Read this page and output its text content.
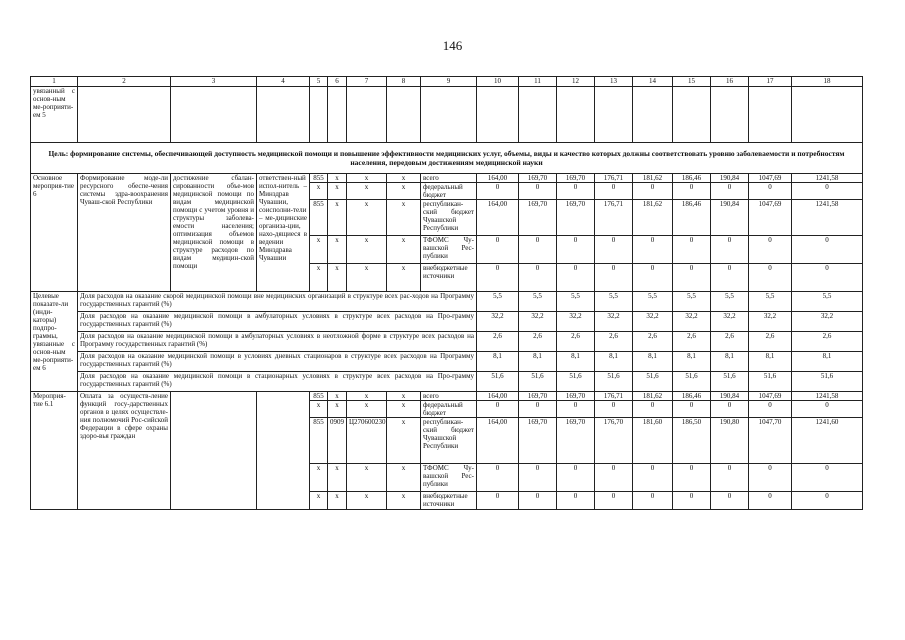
146
1	2	3	4	5	6	7	8	9	10	11	12	13	14	15	16	17	18
увязанный с основ-ным ме-роприяти-ем 5																	
Цель: формирование системы, обеспечивающей доступность медицинской помощи и повышение эффективности медицинских услуг, объемы, виды и качество которых должны соответствовать уровню заболеваемости и потребностям населения, передовым достижениям медицинской науки																	
Основное мероприя-тие 6	Формирование моде-ли ресурсного обеспе-чения системы здра-воохранения Чуваш-ской Республики	достижение сбалан-сированности объе-мов медицинской помощи по видам медицинской помощи с учетом уровня и структуры заболева-емости населения; оптимизация объемов медицинской помощи в структуре расходов по видам медицин-ской помощи	ответствен-ный испол-нитель – Минздрав Чувашии, соисполни-тели – ме-дицинские организа-ции, нахо-дящиеся в ведении Минздрава Чувашии	855	x	x	x	всего	164,00	169,70	169,70	176,71	181,62	186,46	190,84	1047,69	1241,58
				x	x	x	x	федеральный бюджет	0	0	0	0	0	0	0	0	0
				855	x	x	x	республикан-ский бюджет Чувашской Республики	164,00	169,70	169,70	176,71	181,62	186,46	190,84	1047,69	1241,58
				x	x	x	x	ТФОМС Чу-вашской Рес-публики	0	0	0	0	0	0	0	0	0
				x	x	x	x	внебюджетные источники	0	0	0	0	0	0	0	0	0
Целевые показате-ли (инди-каторы) подпро-граммы, увязанные с основ-ным ме-роприяти-ем 6	Доля расходов на оказание скорой медицинской помощи вне медицинских организаций в структуре всех рас-ходов на Программу государственных гарантий (%)								5,5	5,5	5,5	5,5	5,5	5,5	5,5	5,5	5,5
	Доля расходов на оказание медицинской помощи в амбулаторных условиях в структуре всех расходов на Про-грамму государственных гарантий (%)								32,2	32,2	32,2	32,2	32,2	32,2	32,2	32,2	32,2
	Доля расходов на оказание медицинской помощи в амбулаторных условиях в неотложной форме в структуре всех расходов на Программу государственных гарантий (%)								2,6	2,6	2,6	2,6	2,6	2,6	2,6	2,6	2,6
	Доля расходов на оказание медицинской помощи в условиях дневных стационаров в структуре всех расходов на Программу государственных гарантий (%)								8,1	8,1	8,1	8,1	8,1	8,1	8,1	8,1	8,1
	Доля расходов на оказание медицинской помощи в стационарных условиях в структуре всех расходов на Про-грамму государственных гарантий (%)								51,6	51,6	51,6	51,6	51,6	51,6	51,6	51,6	51,6
Мероприя-тие 6.1	Оплата за осуществ-ление функций госу-дарственных органов в целях осуществле-ния полномочий Рос-сийской Федерации в сфере охраны здоро-вья граждан			855	x	x	x	всего	164,00	169,70	169,70	176,71	181,62	186,46	190,84	1047,69	1241,58
				x	x	x	x	федеральный бюджет	0	0	0	0	0	0	0	0	0
				855	0909	Ц270600230	x	республикан-ский бюджет Чувашской Республики	164,00	169,70	169,70	176,70	181,60	186,50	190,80	1047,70	1241,60
				x	x	x	x	ТФОМС Чу-вашской Рес-публики	0	0	0	0	0	0	0	0	0
				x	x	x	x	внебюджетные источники	0	0	0	0	0	0	0	0	0
